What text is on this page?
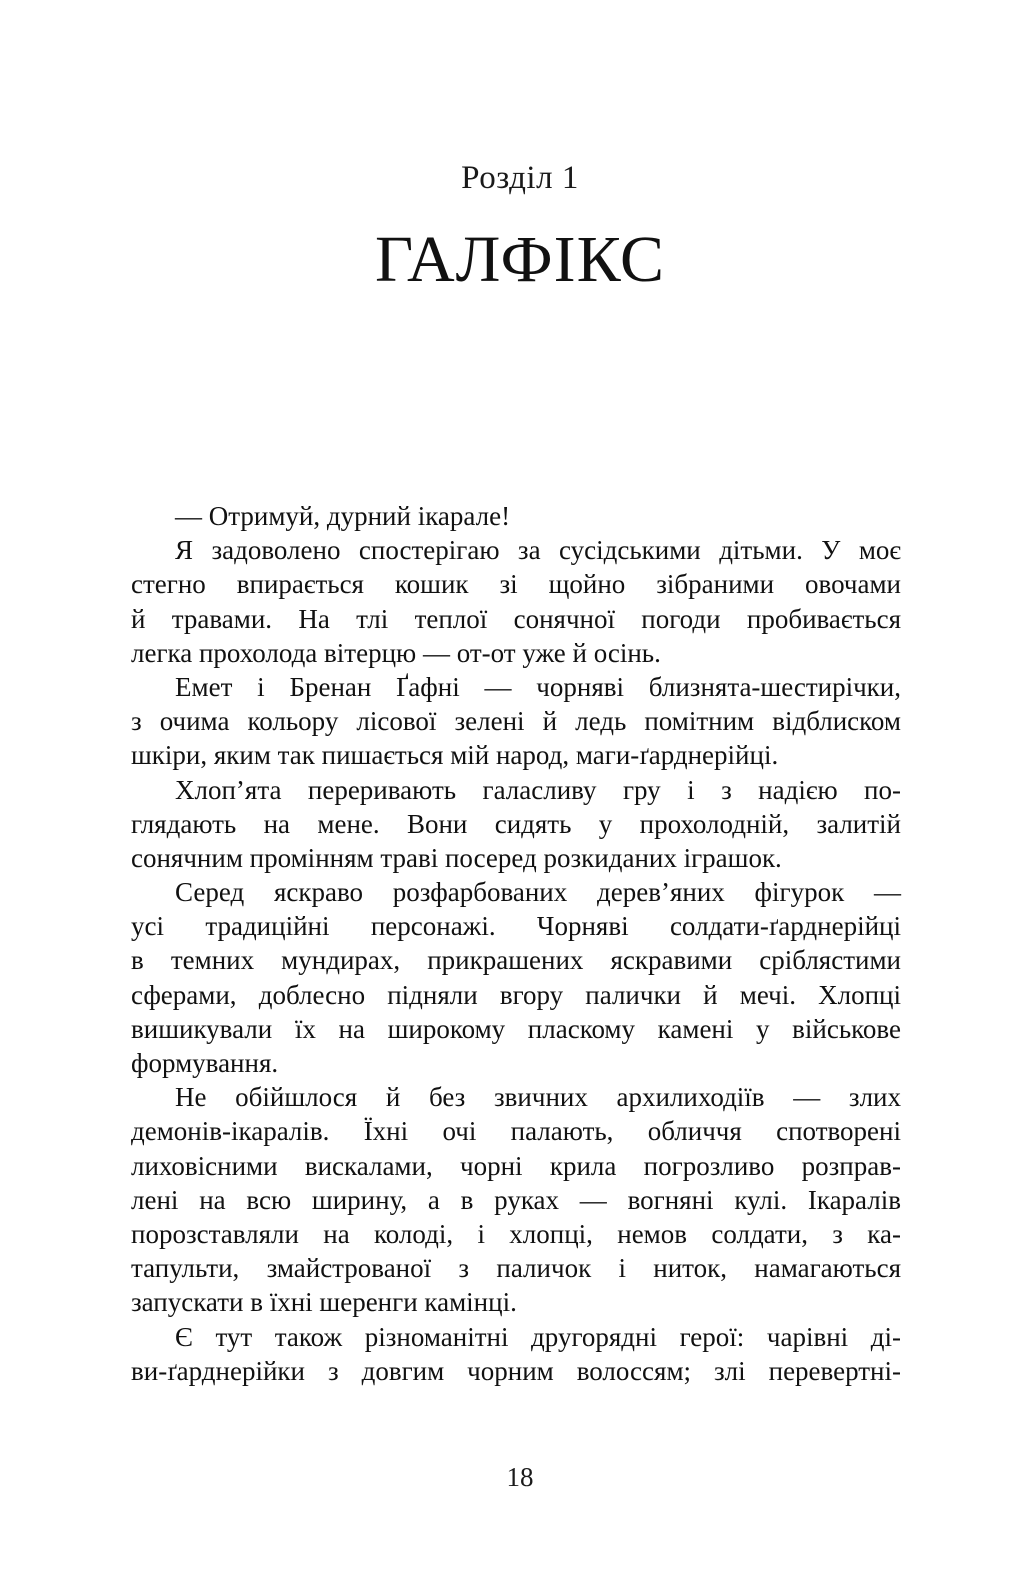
Розділ 1
ГАЛФІКС
— Отримуй, дурний ікарале!
Я задоволено спостерігаю за сусідськими дітьми. У моє
стегно впирається кошик зі щойно зібраними овочами
й травами. На тлі теплої сонячної погоди пробивається
легка прохолода вітерцю — от-от уже й осінь.
Емет і Бренан Ґафні — чорняві близнята-шестирічки,
з очима кольору лісової зелені й ледь помітним відблиском
шкіри, яким так пишається мій народ, маги-ґарднерійці.
Хлоп’ята переривають галасливу гру і з надією по-
глядають на мене. Вони сидять у прохолодній, залитій
сонячним промінням траві посеред розкиданих іграшок.
Серед яскраво розфарбованих дерев’яних фігурок —
усі традиційні персонажі. Чорняві солдати-ґарднерійці
в темних мундирах, прикрашених яскравими сріблястими
сферами, доблесно підняли вгору палички й мечі. Хлопці
вишикували їх на широкому пласкому камені у військове
формування.
Не обійшлося й без звичних архилиходіїв — злих
демонів-ікаралів. Їхні очі палають, обличчя спотворені
лиховісними вискалами, чорні крила погрозливо розправ-
лені на всю ширину, а в руках — вогняні кулі. Ікаралів
порозставляли на колоді, і хлопці, немов солдати, з ка-
тапульти, змайстрованої з паличок і ниток, намагаються
запускати в їхні шеренги камінці.
Є тут також різноманітні другорядні герої: чарівні ді-
ви-ґарднерійки з довгим чорним волоссям; злі перевертні-
18
